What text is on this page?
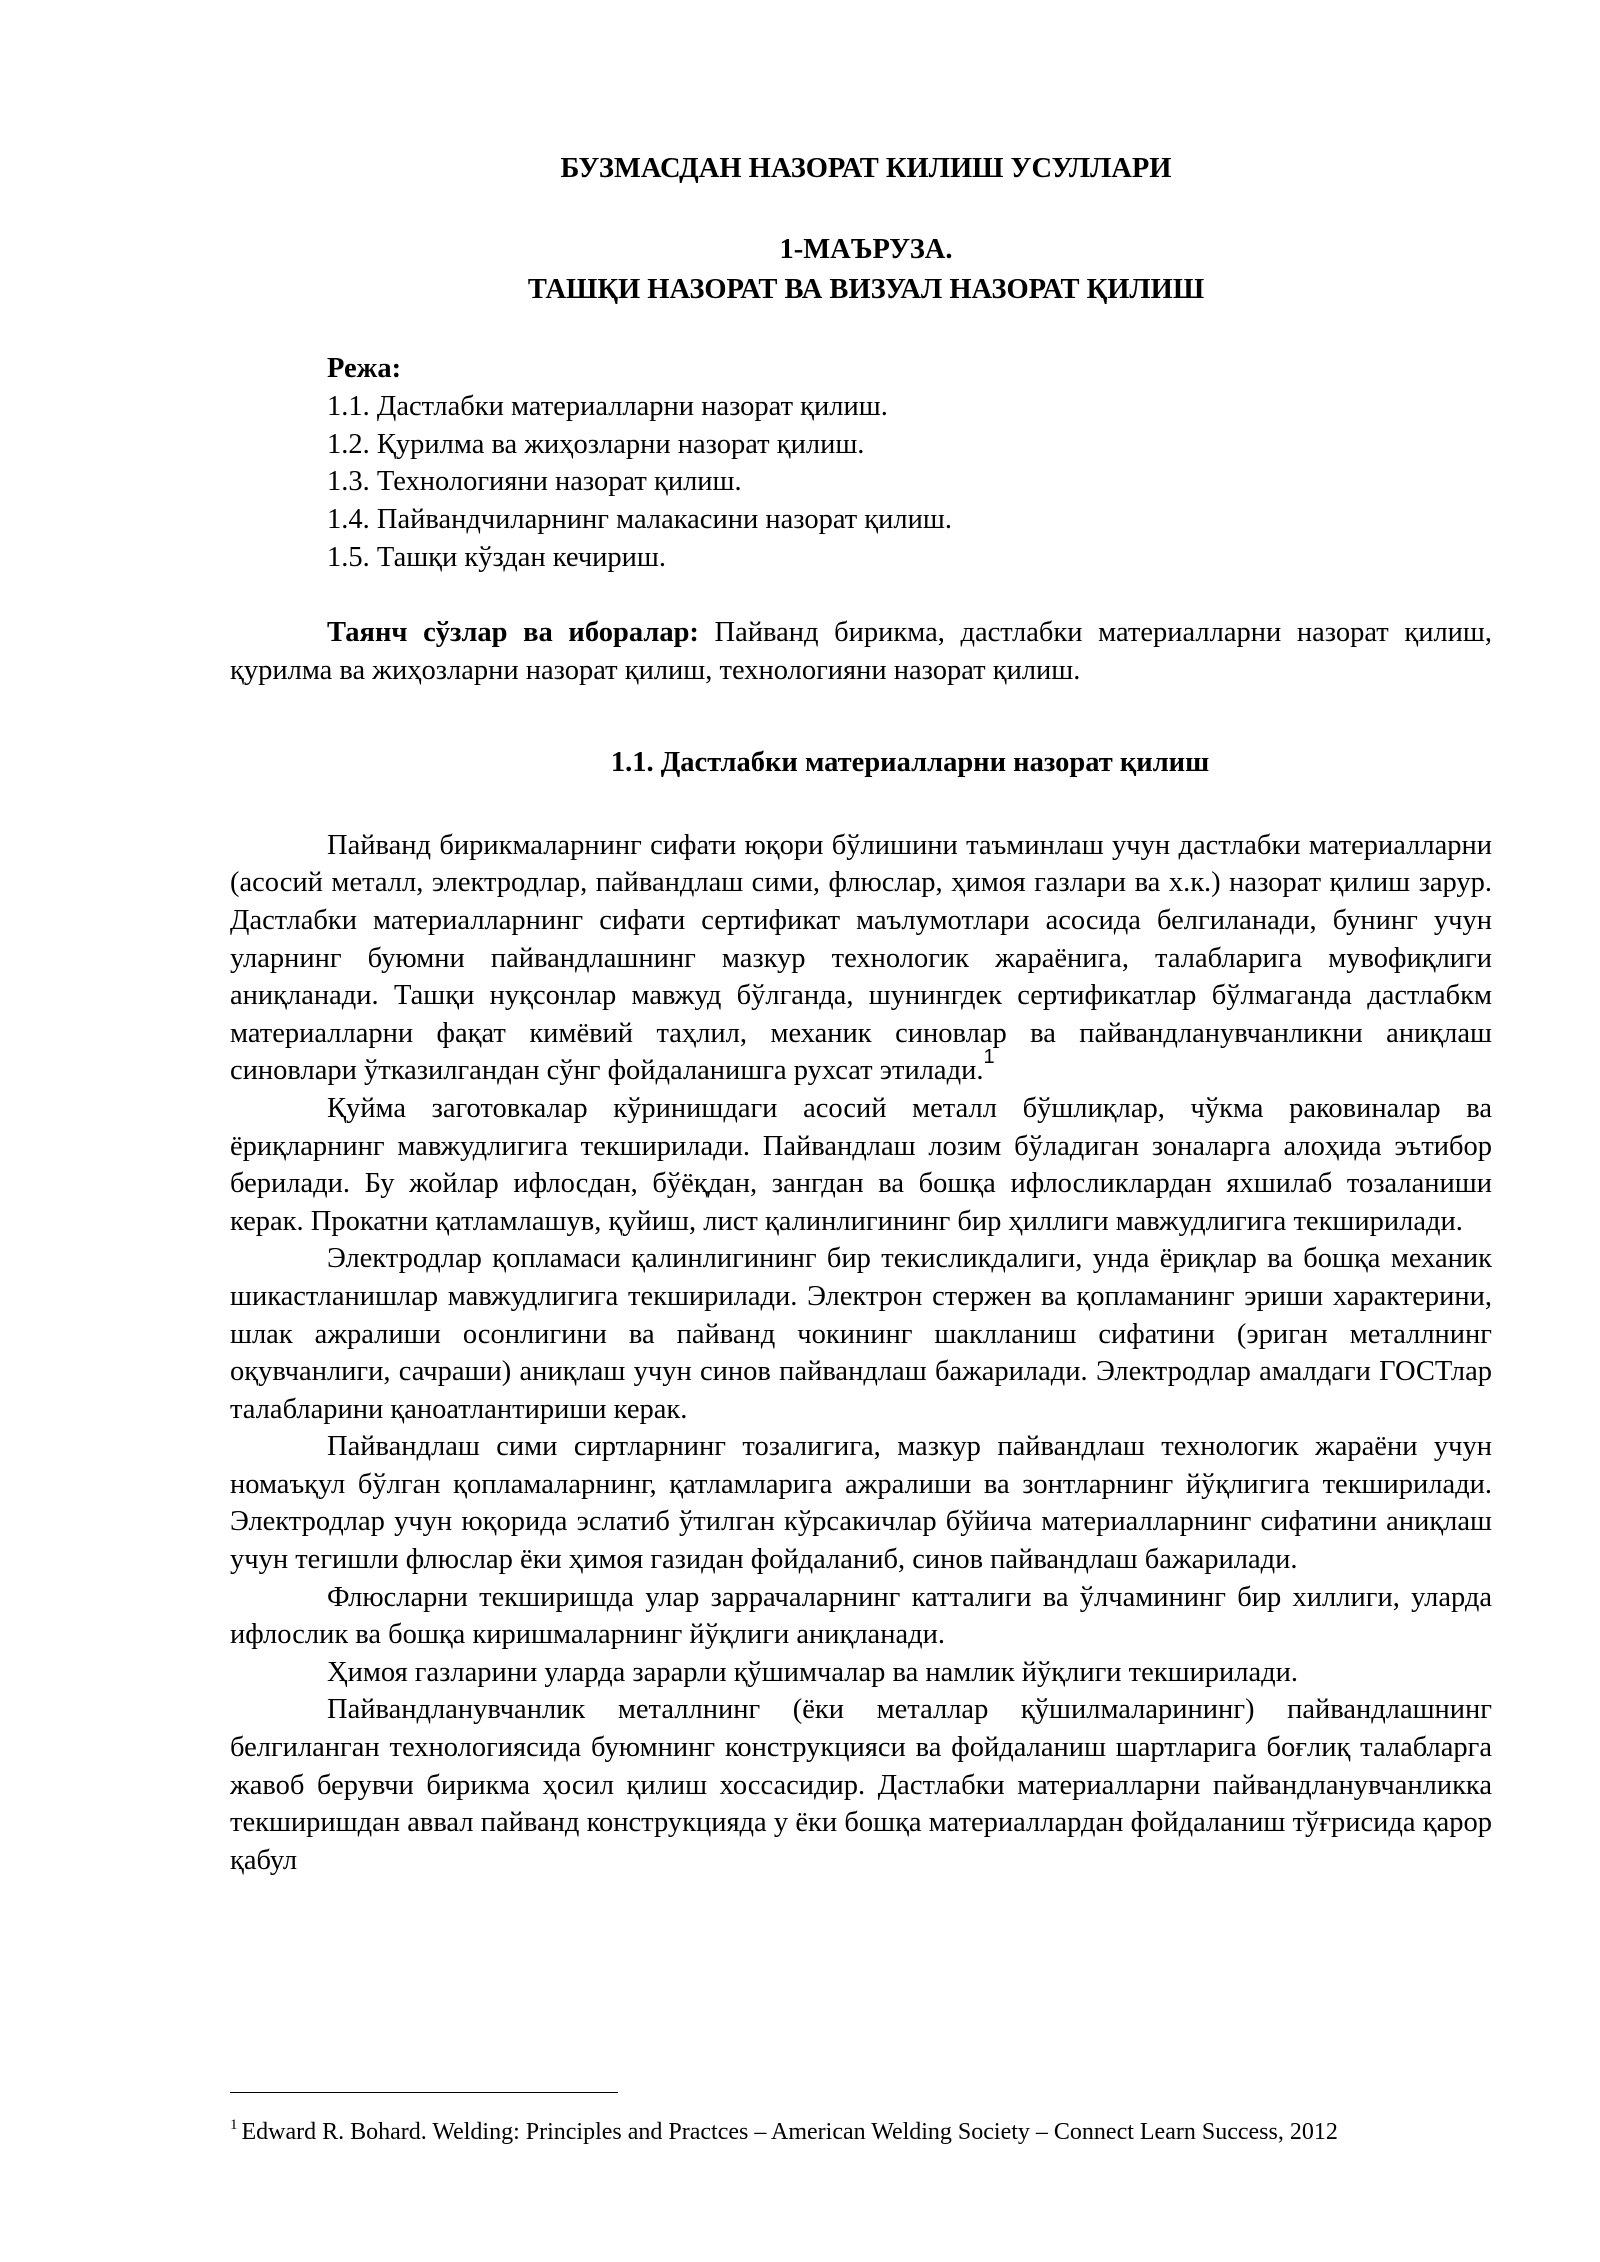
БУЗМАСДАН НАЗОРАТ КИЛИШ УСУЛЛАРИ
1-МАЪРУЗА.
ТАШҚИ НАЗОРАТ ВА ВИЗУАЛ НАЗОРАТ ҚИЛИШ
Режа:
1.1. Дастлабки материалларни назорат қилиш.
1.2. Қурилма ва жиҳозларни назорат қилиш.
1.3. Технологияни назорат қилиш.
1.4. Пайвандчиларнинг малакасини назорат қилиш.
1.5. Ташқи кўздан кечириш.
Таянч сўзлар ва иборалар: Пайванд бирикма, дастлабки материалларни назорат қилиш, қурилма ва жиҳозларни назорат қилиш, технологияни назорат қилиш.
1.1. Дастлабки материалларни назорат қилиш

Пайванд бирикмаларнинг сифати юқори бўлишини таъминлаш учун дастлабки материалларни (асосий металл, электродлар, пайвандлаш сими, флюслар, ҳимоя газлари ва х.к.) назорат қилиш зарур. Дастлабки материалларнинг сифати сертификат маълумотлари асосида белгиланади, бунинг учун уларнинг буюмни пайвандлашнинг мазкур технологик жараёнига, талабларига мувофиқлиги аниқланади. Ташқи нуқсонлар мавжуд бўлганда, шунингдек сертификатлар бўлмаганда дастлабкм материалларни фақат кимёвий таҳлил, механик синовлар ва пайвандланувчанликни аниқлаш синовлари ўтказилгандан сўнг фойдаланишга рухсат этилади.$^1$

Қуйма заготовкалар кўринишдаги асосий металл бўшлиқлар, чўкма раковиналар ва ёриқларнинг мавжудлигига текширилади. Пайвандлаш лозим бўладиган зоналарга алоҳида эътибор берилади. Бу жойлар ифлосдан, бўёқдан, зангдан ва бошқа ифлосликлардан яхшилаб тозаланиши керак. Прокатни қатламлашув, қуйиш, лист қалинлигининг бир ҳиллиги мавжудлигига текширилади.

Электродлар қопламаси қалинлигининг бир текисликдалиги, унда ёриқлар ва бошқа механик шикастланишлар мавжудлигига текширилади. Электрон стержен ва қопламанинг эриши характерини, шлак ажралиши осонлигини ва пайванд чокининг шаклланиш сифатини (эриган металлнинг оқувчанлиги, сачраши) аниқлаш учун синов пайвандлаш бажарилади. Электродлар амалдаги ГОСТлар талабларини қаноатлантириши керак.

Пайвандлаш сими сиртларнинг тозалигига, мазкур пайвандлаш технологик жараёни учун номаъқул бўлган қопламаларнинг, қатламларига ажралиши ва зонтларнинг йўқлигига текширилади. Электродлар учун юқорида эслатиб ўтилган кўрсакичлар бўйича материалларнинг сифатини аниқлаш учун тегишли флюслар ёки ҳимоя газидан фойдаланиб, синов пайвандлаш бажарилади.

Флюсларни текширишда улар заррачаларнинг катталиги ва ўлчамининг бир хиллиги, уларда ифлослик ва бошқа киришмаларнинг йўқлиги аниқланади.

Ҳимоя газларини уларда зарарли қўшимчалар ва намлик йўқлиги текширилади.

Пайвандланувчанлик металлнинг (ёки металлар қўшилмаларининг) пайвандлашнинг белгиланган технологиясида буюмнинг конструкцияси ва фойдаланиш шартларига боғлиқ талабларга жавоб берувчи бирикма ҳосил қилиш хоссасидир. Дастлабки материалларни пайвандланувчанликка текширишдан аввал пайванд конструкцияда у ёки бошқа материаллардан фойдаланиш тўғрисида қарор қабул

$^1$ Edward R. Bohard. Welding: Principles and Practces – American Welding Society – Connect Learn Success, 2012
